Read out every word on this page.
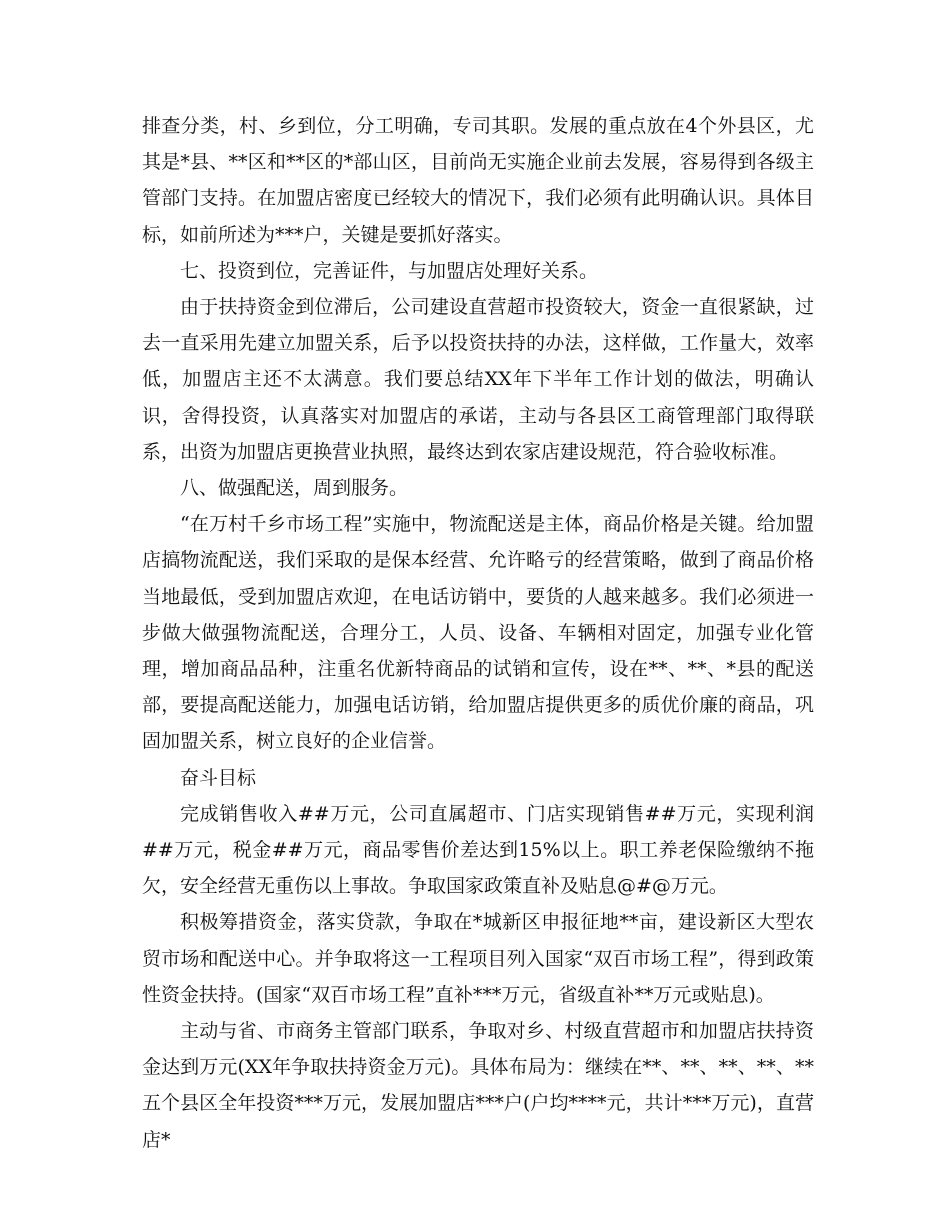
排查分类，村、乡到位，分工明确，专司其职。发展的重点放在4个外县区，尤其是*县、**区和**区的*部山区，目前尚无实施企业前去发展，容易得到各级主管部门支持。在加盟店密度已经较大的情况下，我们必须有此明确认识。具体目标，如前所述为***户，关键是要抓好落实。

七、投资到位，完善证件，与加盟店处理好关系。

由于扶持资金到位滞后，公司建设直营超市投资较大，资金一直很紧缺，过去一直采用先建立加盟关系，后予以投资扶持的办法，这样做，工作量大，效率低，加盟店主还不太满意。我们要总结XX年下半年工作计划的做法，明确认识，舍得投资，认真落实对加盟店的承诺，主动与各县区工商管理部门取得联系，出资为加盟店更换营业执照，最终达到农家店建设规范，符合验收标准。

八、做强配送，周到服务。

“在万村千乡市场工程”实施中，物流配送是主体，商品价格是关键。给加盟店搞物流配送，我们采取的是保本经营、允许略亏的经营策略，做到了商品价格当地最低，受到加盟店欢迎，在电话访销中，要货的人越来越多。我们必须进一步做大做强物流配送，合理分工，人员、设备、车辆相对固定，加强专业化管理，增加商品品种，注重名优新特商品的试销和宣传，设在**、**、*县的配送部，要提高配送能力，加强电话访销，给加盟店提供更多的质优价廉的商品，巩固加盟关系，树立良好的企业信誉。

奋斗目标

完成销售收入##万元，公司直属超市、门店实现销售##万元，实现利润##万元，税金##万元，商品零售价差达到15%以上。职工养老保险缴纳不拖欠，安全经营无重伤以上事故。争取国家政策直补及贴息@#@万元。

积极筹措资金，落实贷款，争取在*城新区申报征地**亩，建设新区大型农贸市场和配送中心。并争取将这一工程项目列入国家“双百市场工程”，得到政策性资金扶持。(国家“双百市场工程”直补***万元，省级直补**万元或贴息)。

主动与省、市商务主管部门联系，争取对乡、村级直营超市和加盟店扶持资金达到万元(XX年争取扶持资金万元)。具体布局为：继续在**、**、**、**、**五个县区全年投资***万元，发展加盟店***户(户均****元，共计***万元)，直营店*
